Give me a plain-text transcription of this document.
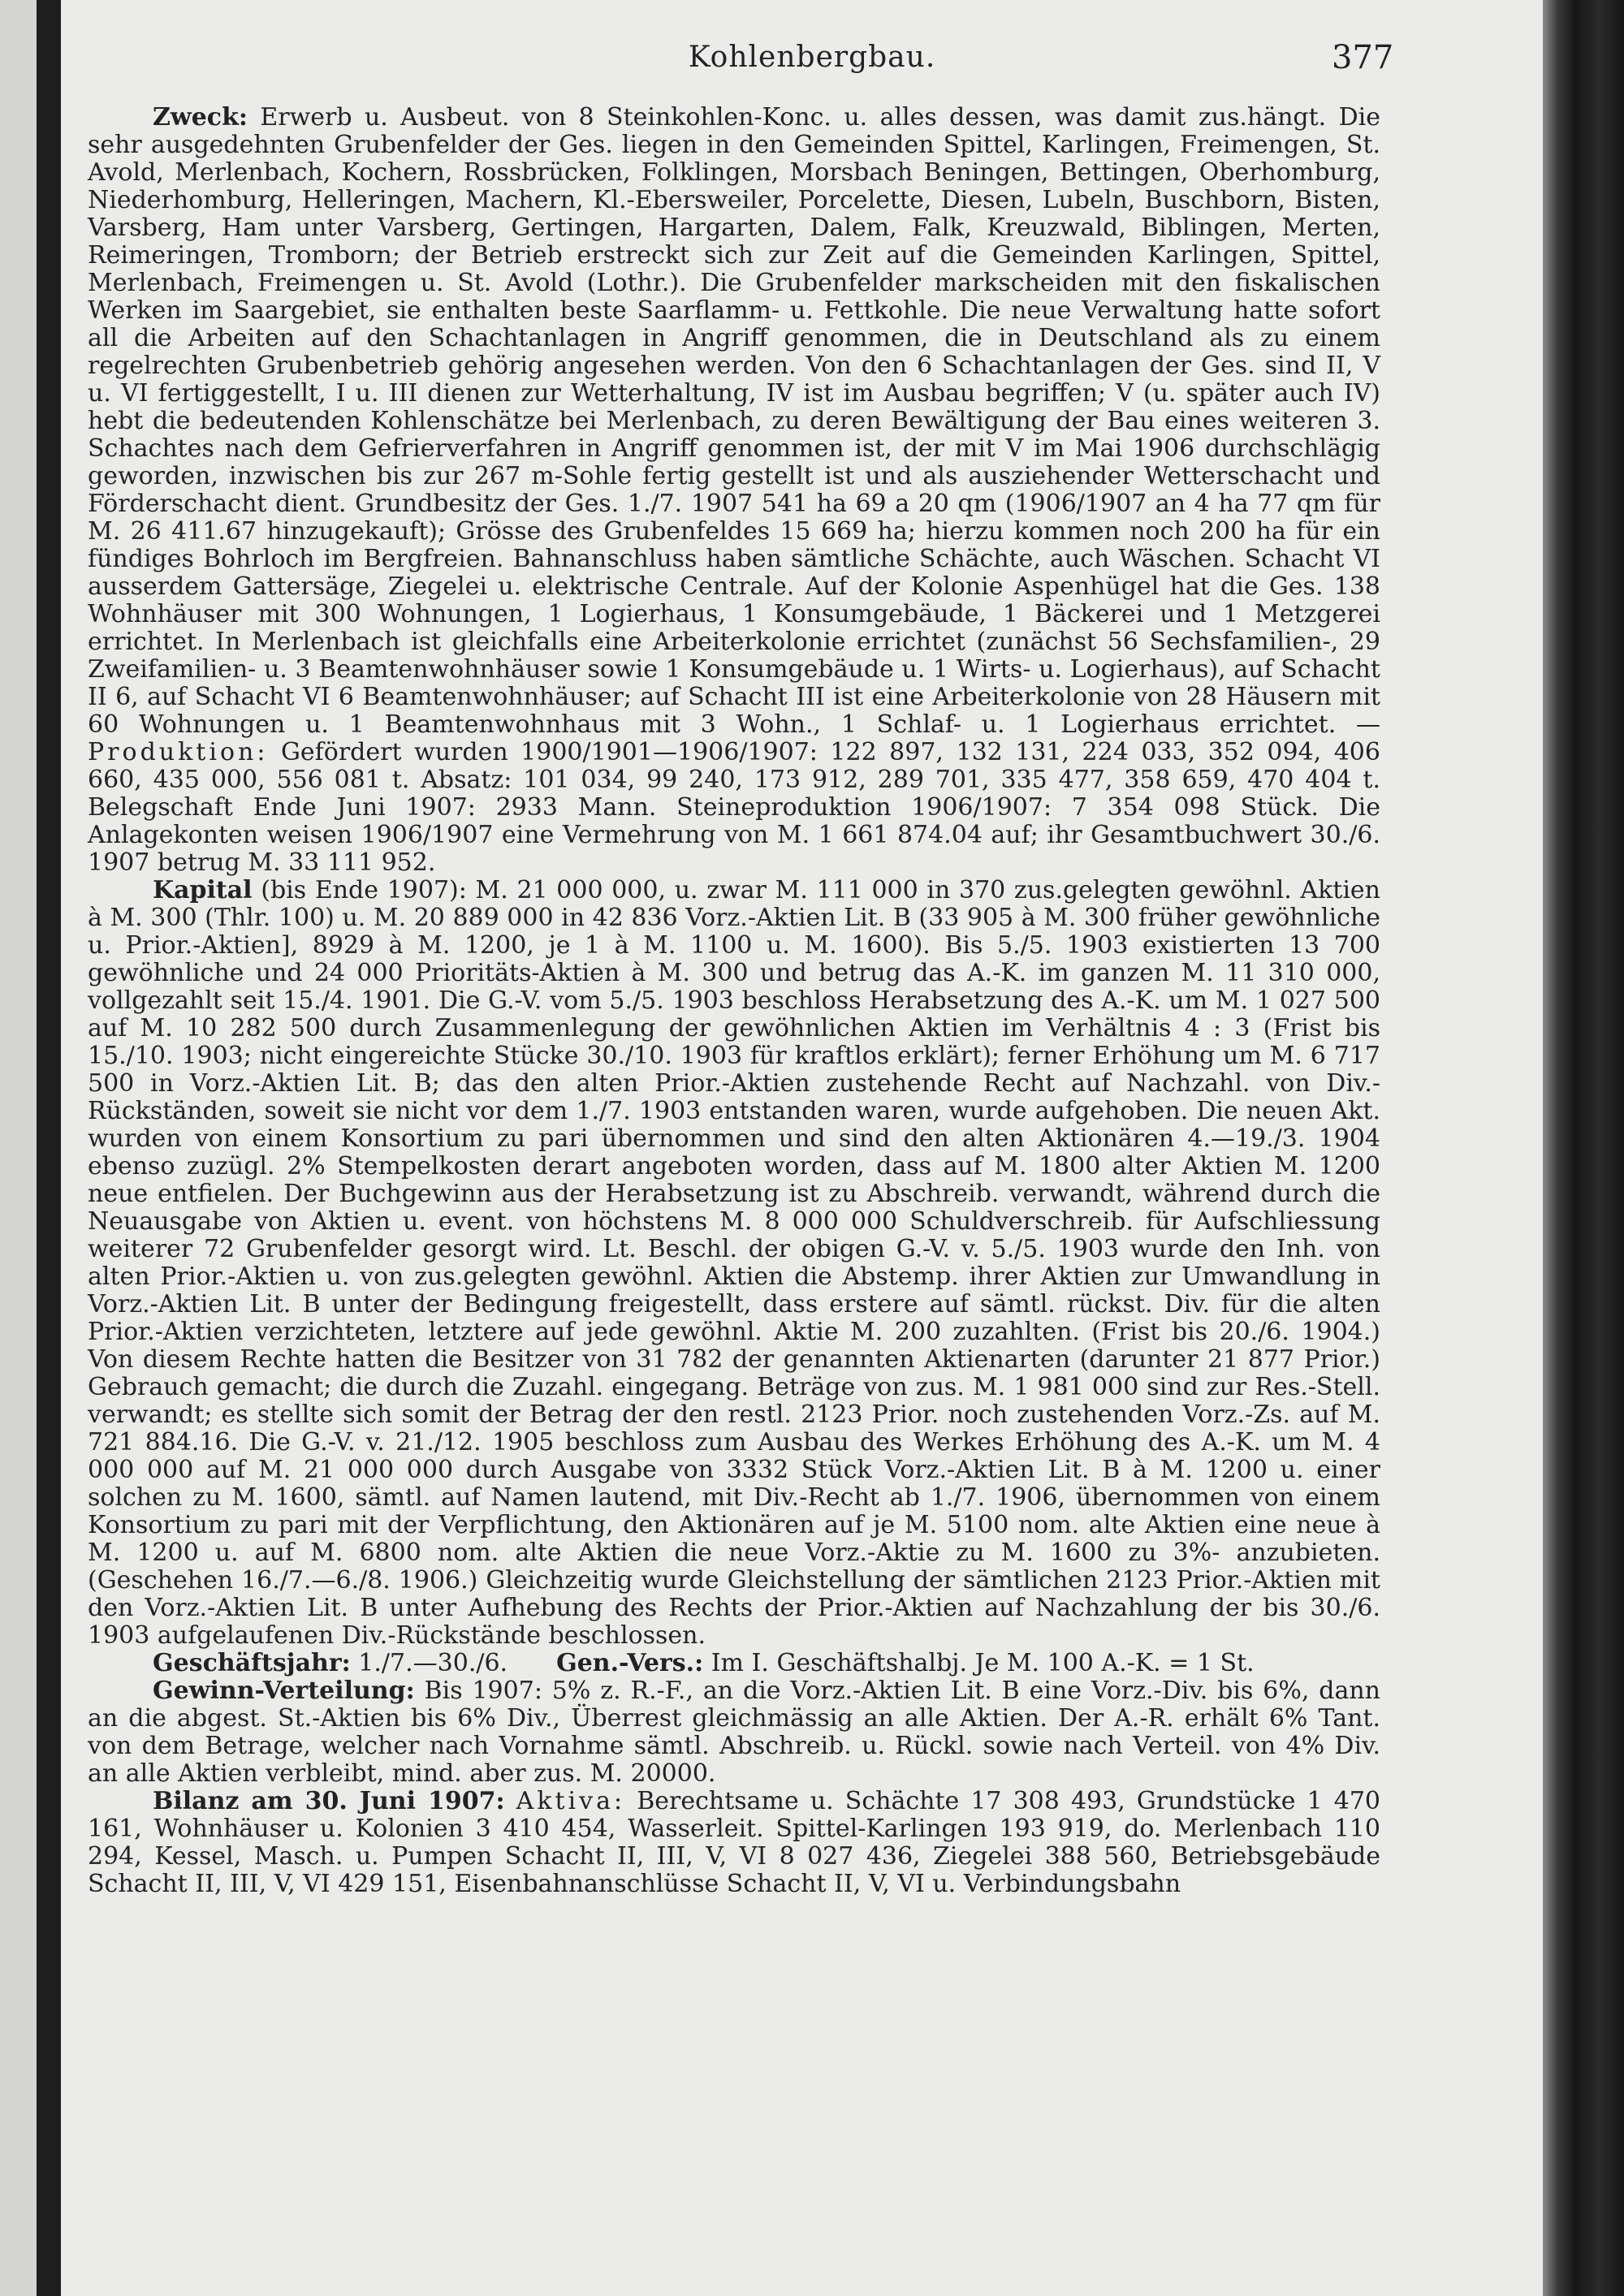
Kohlenbergbau.	377

Zweck: Erwerb u. Ausbeut. von 8 Steinkohlen-Konc. u. alles dessen, was damit zus.hängt. Die sehr ausgedehnten Grubenfelder der Ges. liegen in den Gemeinden Spittel, Karlingen, Freimengen, St. Avold, Merlenbach, Kochern, Rossbrücken, Folklingen, Morsbach Beningen, Bettingen, Oberhomburg, Niederhomburg, Helleringen, Machern, Kl.-Ebersweiler, Porcelette, Diesen, Lubeln, Buschborn, Bisten, Varsberg, Ham unter Varsberg, Gertingen, Hargarten, Dalem, Falk, Kreuzwald, Biblingen, Merten, Reimeringen, Tromborn; der Betrieb erstreckt sich zur Zeit auf die Gemeinden Karlingen, Spittel, Merlenbach, Freimengen u. St. Avold (Lothr.). Die Grubenfelder markscheiden mit den fiskalischen Werken im Saargebiet, sie enthalten beste Saarflamm- u. Fettkohle. Die neue Verwaltung hatte sofort all die Arbeiten auf den Schachtanlagen in Angriff genommen, die in Deutschland als zu einem regelrechten Grubenbetrieb gehörig angesehen werden. Von den 6 Schachtanlagen der Ges. sind II, V u. VI fertiggestellt, I u. III dienen zur Wetterhaltung, IV ist im Ausbau begriffen; V (u. später auch IV) hebt die bedeutenden Kohlenschätze bei Merlenbach, zu deren Bewältigung der Bau eines weiteren 3. Schachtes nach dem Gefrierverfahren in Angriff genommen ist, der mit V im Mai 1906 durchschlägig geworden, inzwischen bis zur 267 m-Sohle fertig gestellt ist und als ausziehender Wetterschacht und Förderschacht dient. Grundbesitz der Ges. 1./7. 1907 541 ha 69 a 20 qm (1906/1907 an 4 ha 77 qm für M. 26 411.67 hinzugekauft); Grösse des Grubenfeldes 15 669 ha; hierzu kommen noch 200 ha für ein fündiges Bohrloch im Bergfreien. Bahnanschluss haben sämtliche Schächte, auch Wäschen. Schacht VI ausserdem Gattersäge, Ziegelei u. elektrische Centrale. Auf der Kolonie Aspenhügel hat die Ges. 138 Wohnhäuser mit 300 Wohnungen, 1 Logierhaus, 1 Konsumgebäude, 1 Bäckerei und 1 Metzgerei errichtet. In Merlenbach ist gleichfalls eine Arbeiterkolonie errichtet (zunächst 56 Sechsfamilien-, 29 Zweifamilien- u. 3 Beamtenwohnhäuser sowie 1 Konsumgebäude u. 1 Wirts- u. Logierhaus), auf Schacht II 6, auf Schacht VI 6 Beamtenwohnhäuser; auf Schacht III ist eine Arbeiterkolonie von 28 Häusern mit 60 Wohnungen u. 1 Beamtenwohnhaus mit 3 Wohn., 1 Schlaf- u. 1 Logierhaus errichtet. — Produktion: Gefördert wurden 1900/1901—1906/1907: 122 897, 132 131, 224 033, 352 094, 406 660, 435 000, 556 081 t. Absatz: 101 034, 99 240, 173 912, 289 701, 335 477, 358 659, 470 404 t. Belegschaft Ende Juni 1907: 2933 Mann. Steineproduktion 1906/1907: 7 354 098 Stück. Die Anlagekonten weisen 1906/1907 eine Vermehrung von M. 1 661 874.04 auf; ihr Gesamtbuchwert 30./6. 1907 betrug M. 33 111 952.

Kapital (bis Ende 1907): M. 21 000 000, u. zwar M. 111 000 in 370 zus.gelegten gewöhnl. Aktien à M. 300 (Thlr. 100) u. M. 20 889 000 in 42 836 Vorz.-Aktien Lit. B (33 905 à M. 300 früher gewöhnliche u. Prior.-Aktien], 8929 à M. 1200, je 1 à M. 1100 u. M. 1600). Bis 5./5. 1903 existierten 13 700 gewöhnliche und 24 000 Prioritäts-Aktien à M. 300 und betrug das A.-K. im ganzen M. 11 310 000, vollgezahlt seit 15./4. 1901. Die G.-V. vom 5./5. 1903 beschloss Herabsetzung des A.-K. um M. 1 027 500 auf M. 10 282 500 durch Zusammenlegung der gewöhnlichen Aktien im Verhältnis 4 : 3 (Frist bis 15./10. 1903; nicht eingereichte Stücke 30./10. 1903 für kraftlos erklärt); ferner Erhöhung um M. 6 717 500 in Vorz.-Aktien Lit. B; das den alten Prior.-Aktien zustehende Recht auf Nachzahl. von Div.-Rückständen, soweit sie nicht vor dem 1./7. 1903 entstanden waren, wurde aufgehoben. Die neuen Akt. wurden von einem Konsortium zu pari übernommen und sind den alten Aktionären 4.—19./3. 1904 ebenso zuzügl. 2% Stempelkosten derart angeboten worden, dass auf M. 1800 alter Aktien M. 1200 neue entfielen. Der Buchgewinn aus der Herabsetzung ist zu Abschreib. verwandt, während durch die Neuausgabe von Aktien u. event. von höchstens M. 8 000 000 Schuldverschreib. für Aufschliessung weiterer 72 Grubenfelder gesorgt wird. Lt. Beschl. der obigen G.-V. v. 5./5. 1903 wurde den Inh. von alten Prior.-Aktien u. von zus.gelegten gewöhnl. Aktien die Abstemp. ihrer Aktien zur Umwandlung in Vorz.-Aktien Lit. B unter der Bedingung freigestellt, dass erstere auf sämtl. rückst. Div. für die alten Prior.-Aktien verzichteten, letztere auf jede gewöhnl. Aktie M. 200 zuzahlten. (Frist bis 20./6. 1904.) Von diesem Rechte hatten die Besitzer von 31 782 der genannten Aktienarten (darunter 21 877 Prior.) Gebrauch gemacht; die durch die Zuzahl. eingegang. Beträge von zus. M. 1 981 000 sind zur Res.-Stell. verwandt; es stellte sich somit der Betrag der den restl. 2123 Prior. noch zustehenden Vorz.-Zs. auf M. 721 884.16. Die G.-V. v. 21./12. 1905 beschloss zum Ausbau des Werkes Erhöhung des A.-K. um M. 4 000 000 auf M. 21 000 000 durch Ausgabe von 3332 Stück Vorz.-Aktien Lit. B à M. 1200 u. einer solchen zu M. 1600, sämtl. auf Namen lautend, mit Div.-Recht ab 1./7. 1906, übernommen von einem Konsortium zu pari mit der Verpflichtung, den Aktionären auf je M. 5100 nom. alte Aktien eine neue à M. 1200 u. auf M. 6800 nom. alte Aktien die neue Vorz.-Aktie zu M. 1600 zu 3%- anzubieten. (Geschehen 16./7.—6./8. 1906.) Gleichzeitig wurde Gleichstellung der sämtlichen 2123 Prior.-Aktien mit den Vorz.-Aktien Lit. B unter Aufhebung des Rechts der Prior.-Aktien auf Nachzahlung der bis 30./6. 1903 aufgelaufenen Div.-Rückstände beschlossen.

Geschäftsjahr: 1./7.—30./6. Gen.-Vers.: Im I. Geschäftshalbj. Je M. 100 A.-K. = 1 St.

Gewinn-Verteilung: Bis 1907: 5% z. R.-F., an die Vorz.-Aktien Lit. B eine Vorz.-Div. bis 6%, dann an die abgest. St.-Aktien bis 6% Div., Überrest gleichmässig an alle Aktien. Der A.-R. erhält 6% Tant. von dem Betrage, welcher nach Vornahme sämtl. Abschreib. u. Rückl. sowie nach Verteil. von 4% Div. an alle Aktien verbleibt, mind. aber zus. M. 20000.

Bilanz am 30. Juni 1907: Aktiva: Berechtsame u. Schächte 17 308 493, Grundstücke 1 470 161, Wohnhäuser u. Kolonien 3 410 454, Wasserleit. Spittel-Karlingen 193 919, do. Merlenbach 110 294, Kessel, Masch. u. Pumpen Schacht II, III, V, VI 8 027 436, Ziegelei 388 560, Betriebsgebäude Schacht II, III, V, VI 429 151, Eisenbahnanschlüsse Schacht II, V, VI u. Verbindungsbahn
